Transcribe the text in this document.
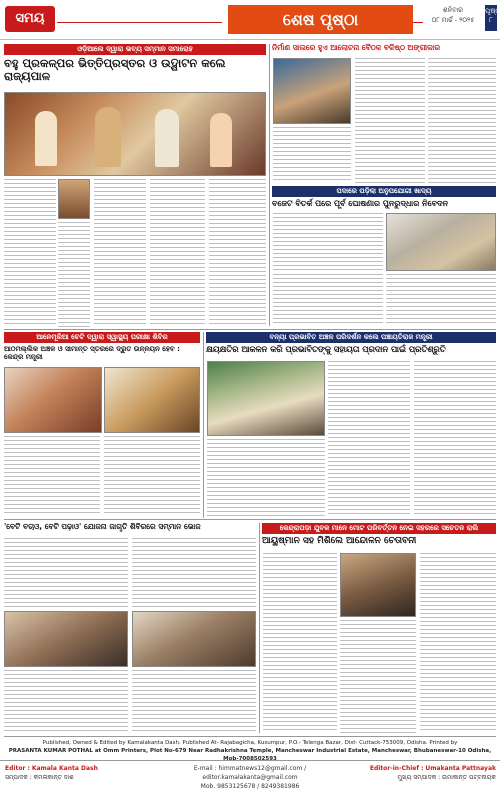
ସମୟ	ଶେଷ ପୃଷ୍ଠା	ଶନିବାର
୦୮ ମାର୍ଚ୍ଚ - ୨୦୨୫
ପୃଷ୍ଠା ୮
ଓଡ଼ିଆଲେ ଦ୍ୱାରା ଭବ୍ୟ ସମ୍ମାନ ସମାରୋହ
ବହୁ ପ୍ରକଳ୍ପର ଭିତ୍ତିପ୍ରସ୍ତର ଓ ଉଦ୍ଘାଟନ କଲେ ରାଜ୍ୟପାଳ
ନିର୍ମାଣ ସାଲରେ ହୁଏ ଆଲୋଚନା ବୈଠକ ବଳିଷ୍ଠ ଅଙ୍ଗୀକାର
ପଦାରେ ପଡ଼ିଲା ଅନୁପଯୋଗୀ ଖାଦ୍ୟ
ବଜେଟ ବିତର୍କ ପରେ ପୂର୍ବ ଘୋଷଣାର ପୁନରୁଦ୍ଧାର ନିବେଦନ
ଆନେମୂରିଆ ଚେଟି ଦ୍ୱାରା ସ୍ୱାସ୍ଥ୍ୟ ପରୀକ୍ଷା ଶିବିର
ଆଠମଲ୍ଲିକ ଅଞ୍ଚଳ ଓ ସୀମାନ୍ତ ସ୍ତରରେ ଦ୍ରୁତ ଉନ୍ନୟନ ହେବ : କେନ୍ଦ୍ର ମନ୍ତ୍ରୀ
ବନ୍ୟା ପ୍ରଭାବିତ ଅଞ୍ଚଳ ପରିଦର୍ଶନ କଲେ ପଞ୍ଚାୟତିରାଜ ମନ୍ତ୍ରୀ
କ୍ଷୟକ୍ଷତିର ଆକଳନ କରି ପ୍ରଭାବିତଙ୍କୁ ସହାୟତା ପ୍ରଦାନ ପାଇଁ ପ୍ରତିଶ୍ରୁତି
'ବେଟି ବଚାଓ, ବେଟି ପଢ଼ାଓ' ଯୋଜନା ଜାଗୃତି ଶିବିରରେ ସମ୍ମାନ ଭୋଜ	କେନ୍ଦ୍ରାପଡ଼ା ଯୁବକ ମାନେ ମୋଟ ପରିବର୍ତ୍ତନ ନେଇ ସହରରେ ସଚେତନ ରାଲି
ଆୟୁଷ୍ମାନ ସହ ମିଶିଲେ ଆନ୍ଦୋଳନ ଚେତାବନୀ
Published, Owned & Edited by Kamalakanta Dash. Published At- Rajabagicha, Kusumpur, P.O.- Telenga Bazar, Dist- Cuttack-753009, Odisha. Printed by
PRASANTA KUMAR POTHAL at Omm Printers, Plot No-679 Near Radhakrishna Temple, Mancheswar Industrial Estate, Mancheswar, Bhubaneswar-10 Odisha, Mob-7008502593
Editor : Kamala Kanta Dash
ସମ୍ପାଦକ : କମଳାକାନ୍ତ ଦାଶ
E-mail : himmatnews12@gmail.com / editor.kamalakanta@gmail.com
Mob. 9853125678 / 8249381986
Editor-in-Chief : Umakanta Pattnayak
ମୁଖ୍ୟ ସମ୍ପାଦକ : ଉମାକାନ୍ତ ପଟ୍ଟନାୟକ
